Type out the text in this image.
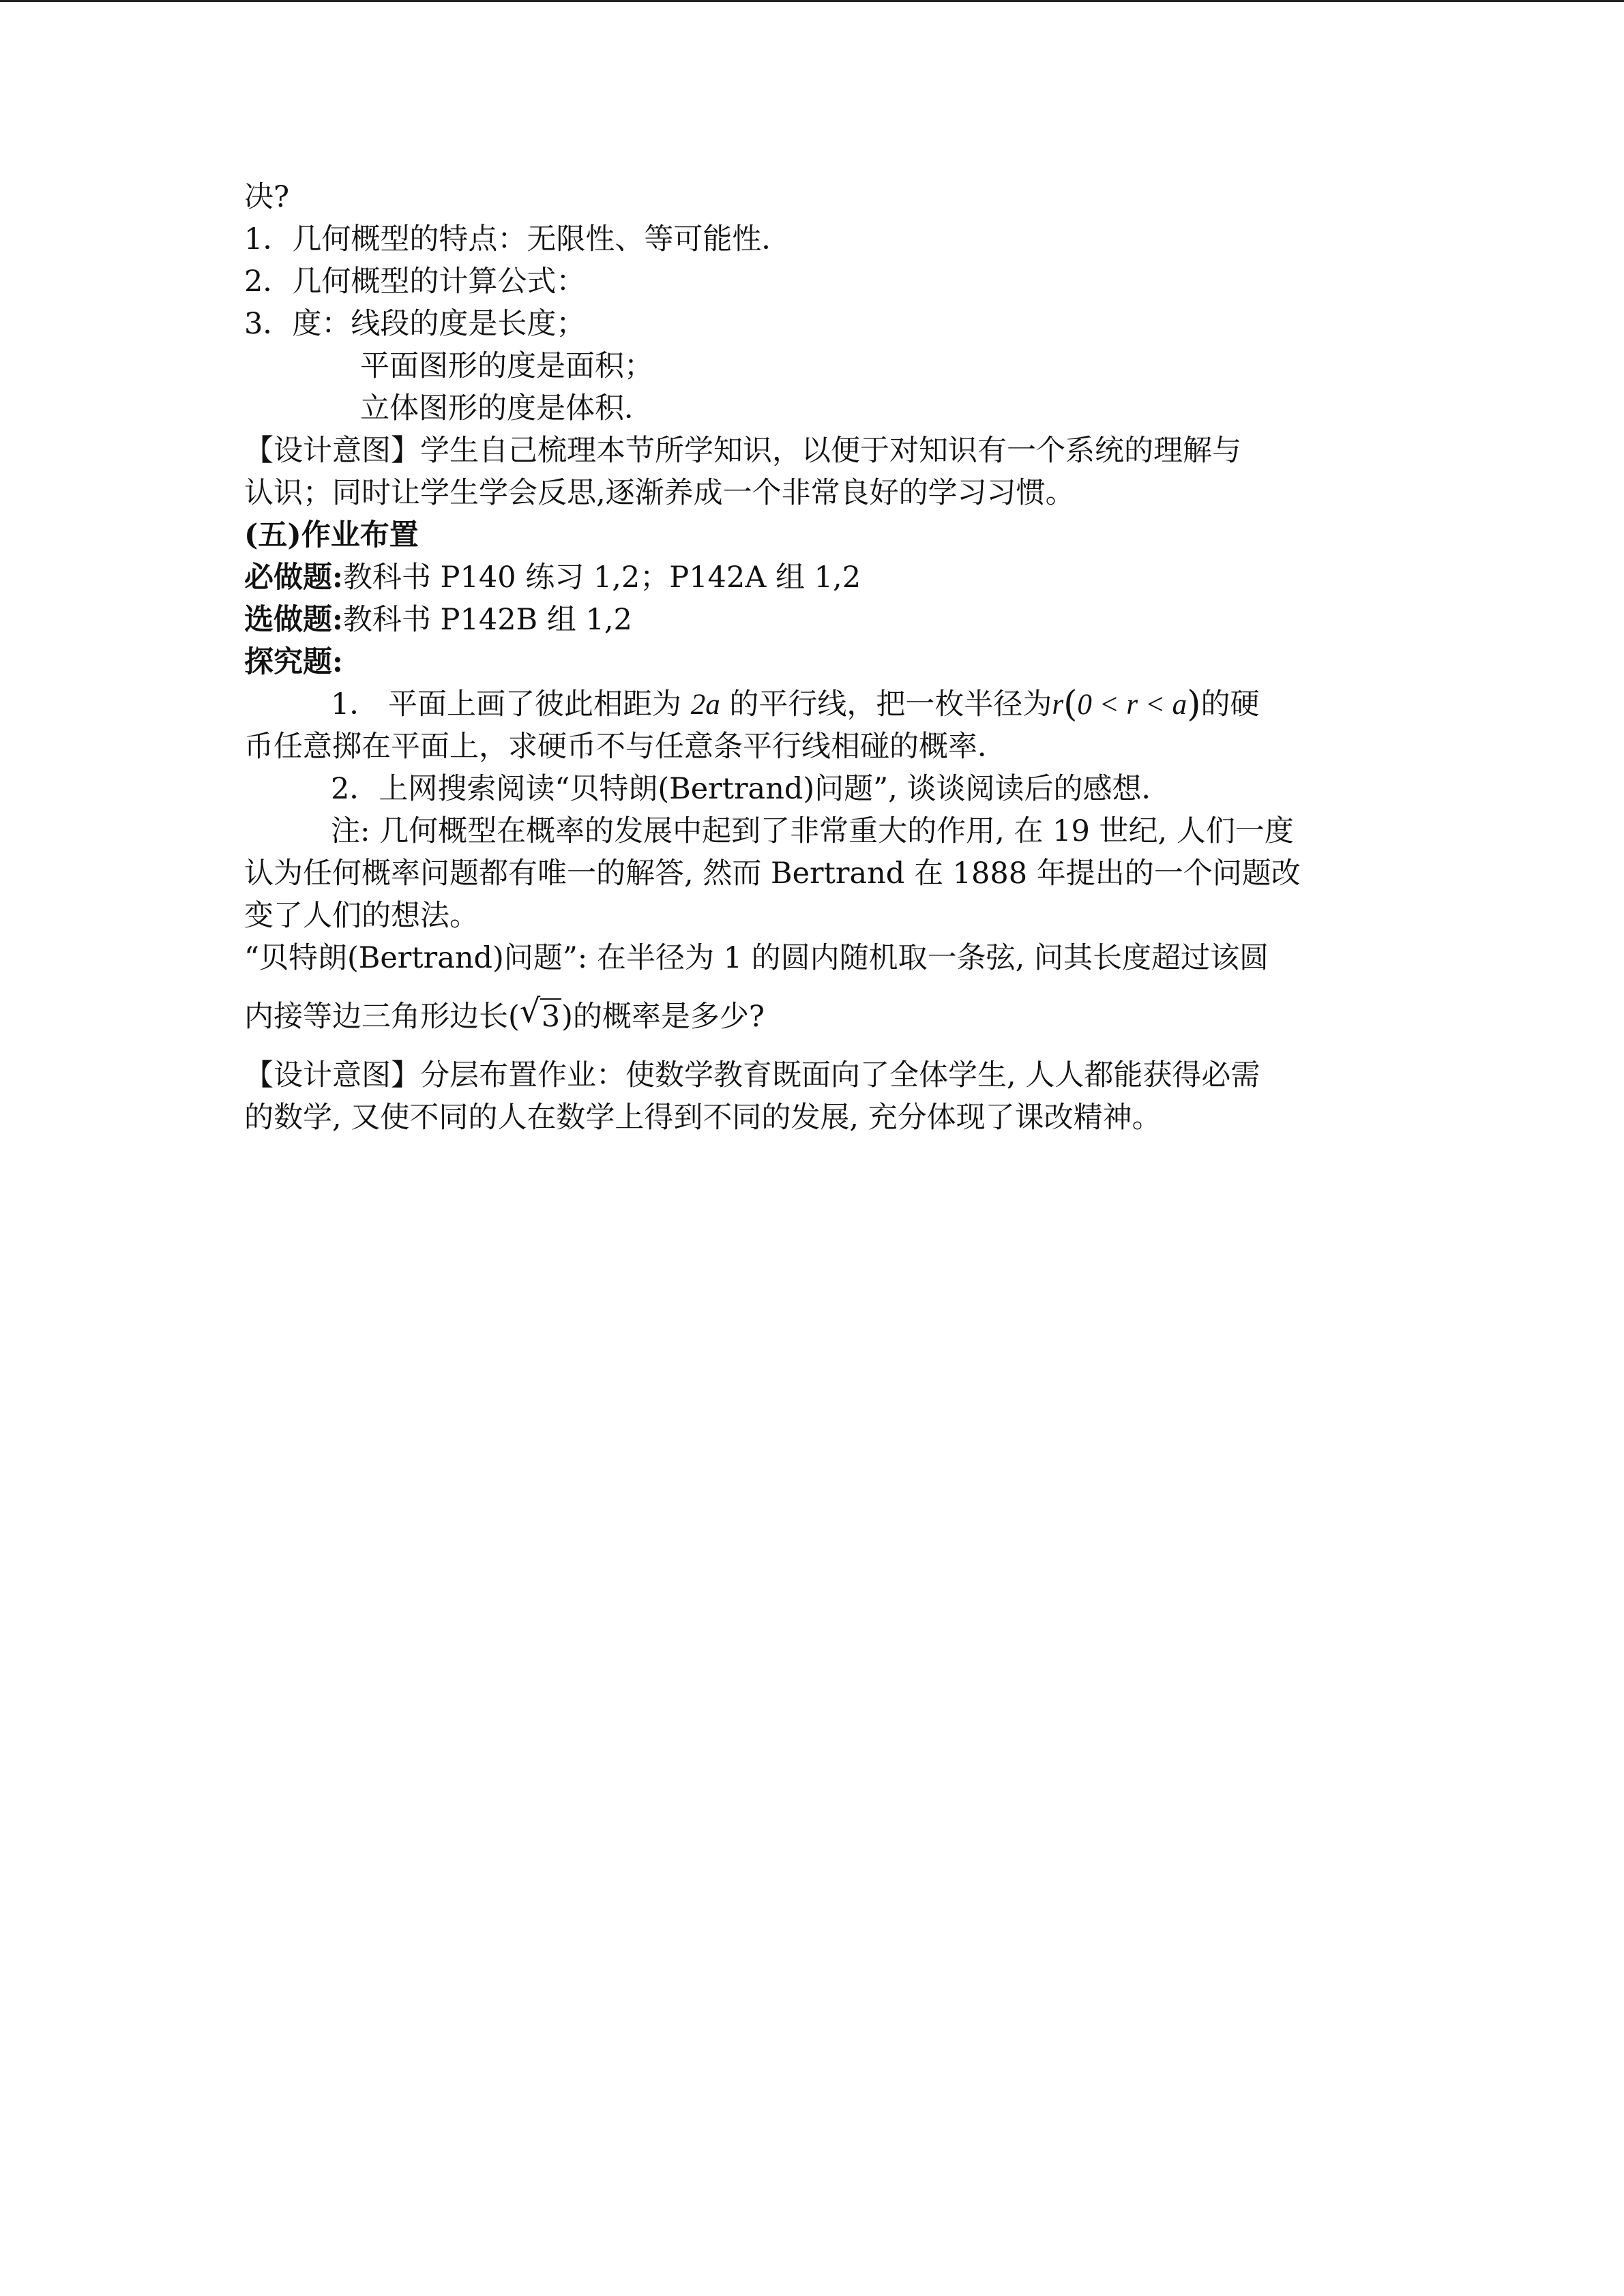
决?
1．几何概型的特点：无限性、等可能性．
2．几何概型的计算公式：
3．度：线段的度是长度；
平面图形的度是面积；
立体图形的度是体积．
【设计意图】学生自己梳理本节所学知识，以便于对知识有一个系统的理解与
认识；同时让学生学会反思,逐渐养成一个非常良好的学习习惯。
(五)作业布置
必做题:教科书 P140 练习 1,2；P142A 组 1,2
选做题:教科书 P142B 组 1,2
探究题:
1． 平面上画了彼此相距为 2a 的平行线，把一枚半径为r(0 < r < a)的硬
币任意掷在平面上，求硬币不与任意条平行线相碰的概率．
2．上网搜索阅读“贝特朗(Bertrand)问题”, 谈谈阅读后的感想．
注: 几何概型在概率的发展中起到了非常重大的作用, 在 19 世纪, 人们一度
认为任何概率问题都有唯一的解答, 然而 Bertrand 在 1888 年提出的一个问题改
变了人们的想法。
“贝特朗(Bertrand)问题”: 在半径为 1 的圆内随机取一条弦, 问其长度超过该圆
内接等边三角形边长( √ 3)的概率是多少?
【设计意图】分层布置作业：使数学教育既面向了全体学生, 人人都能获得必需
的数学, 又使不同的人在数学上得到不同的发展, 充分体现了课改精神。
